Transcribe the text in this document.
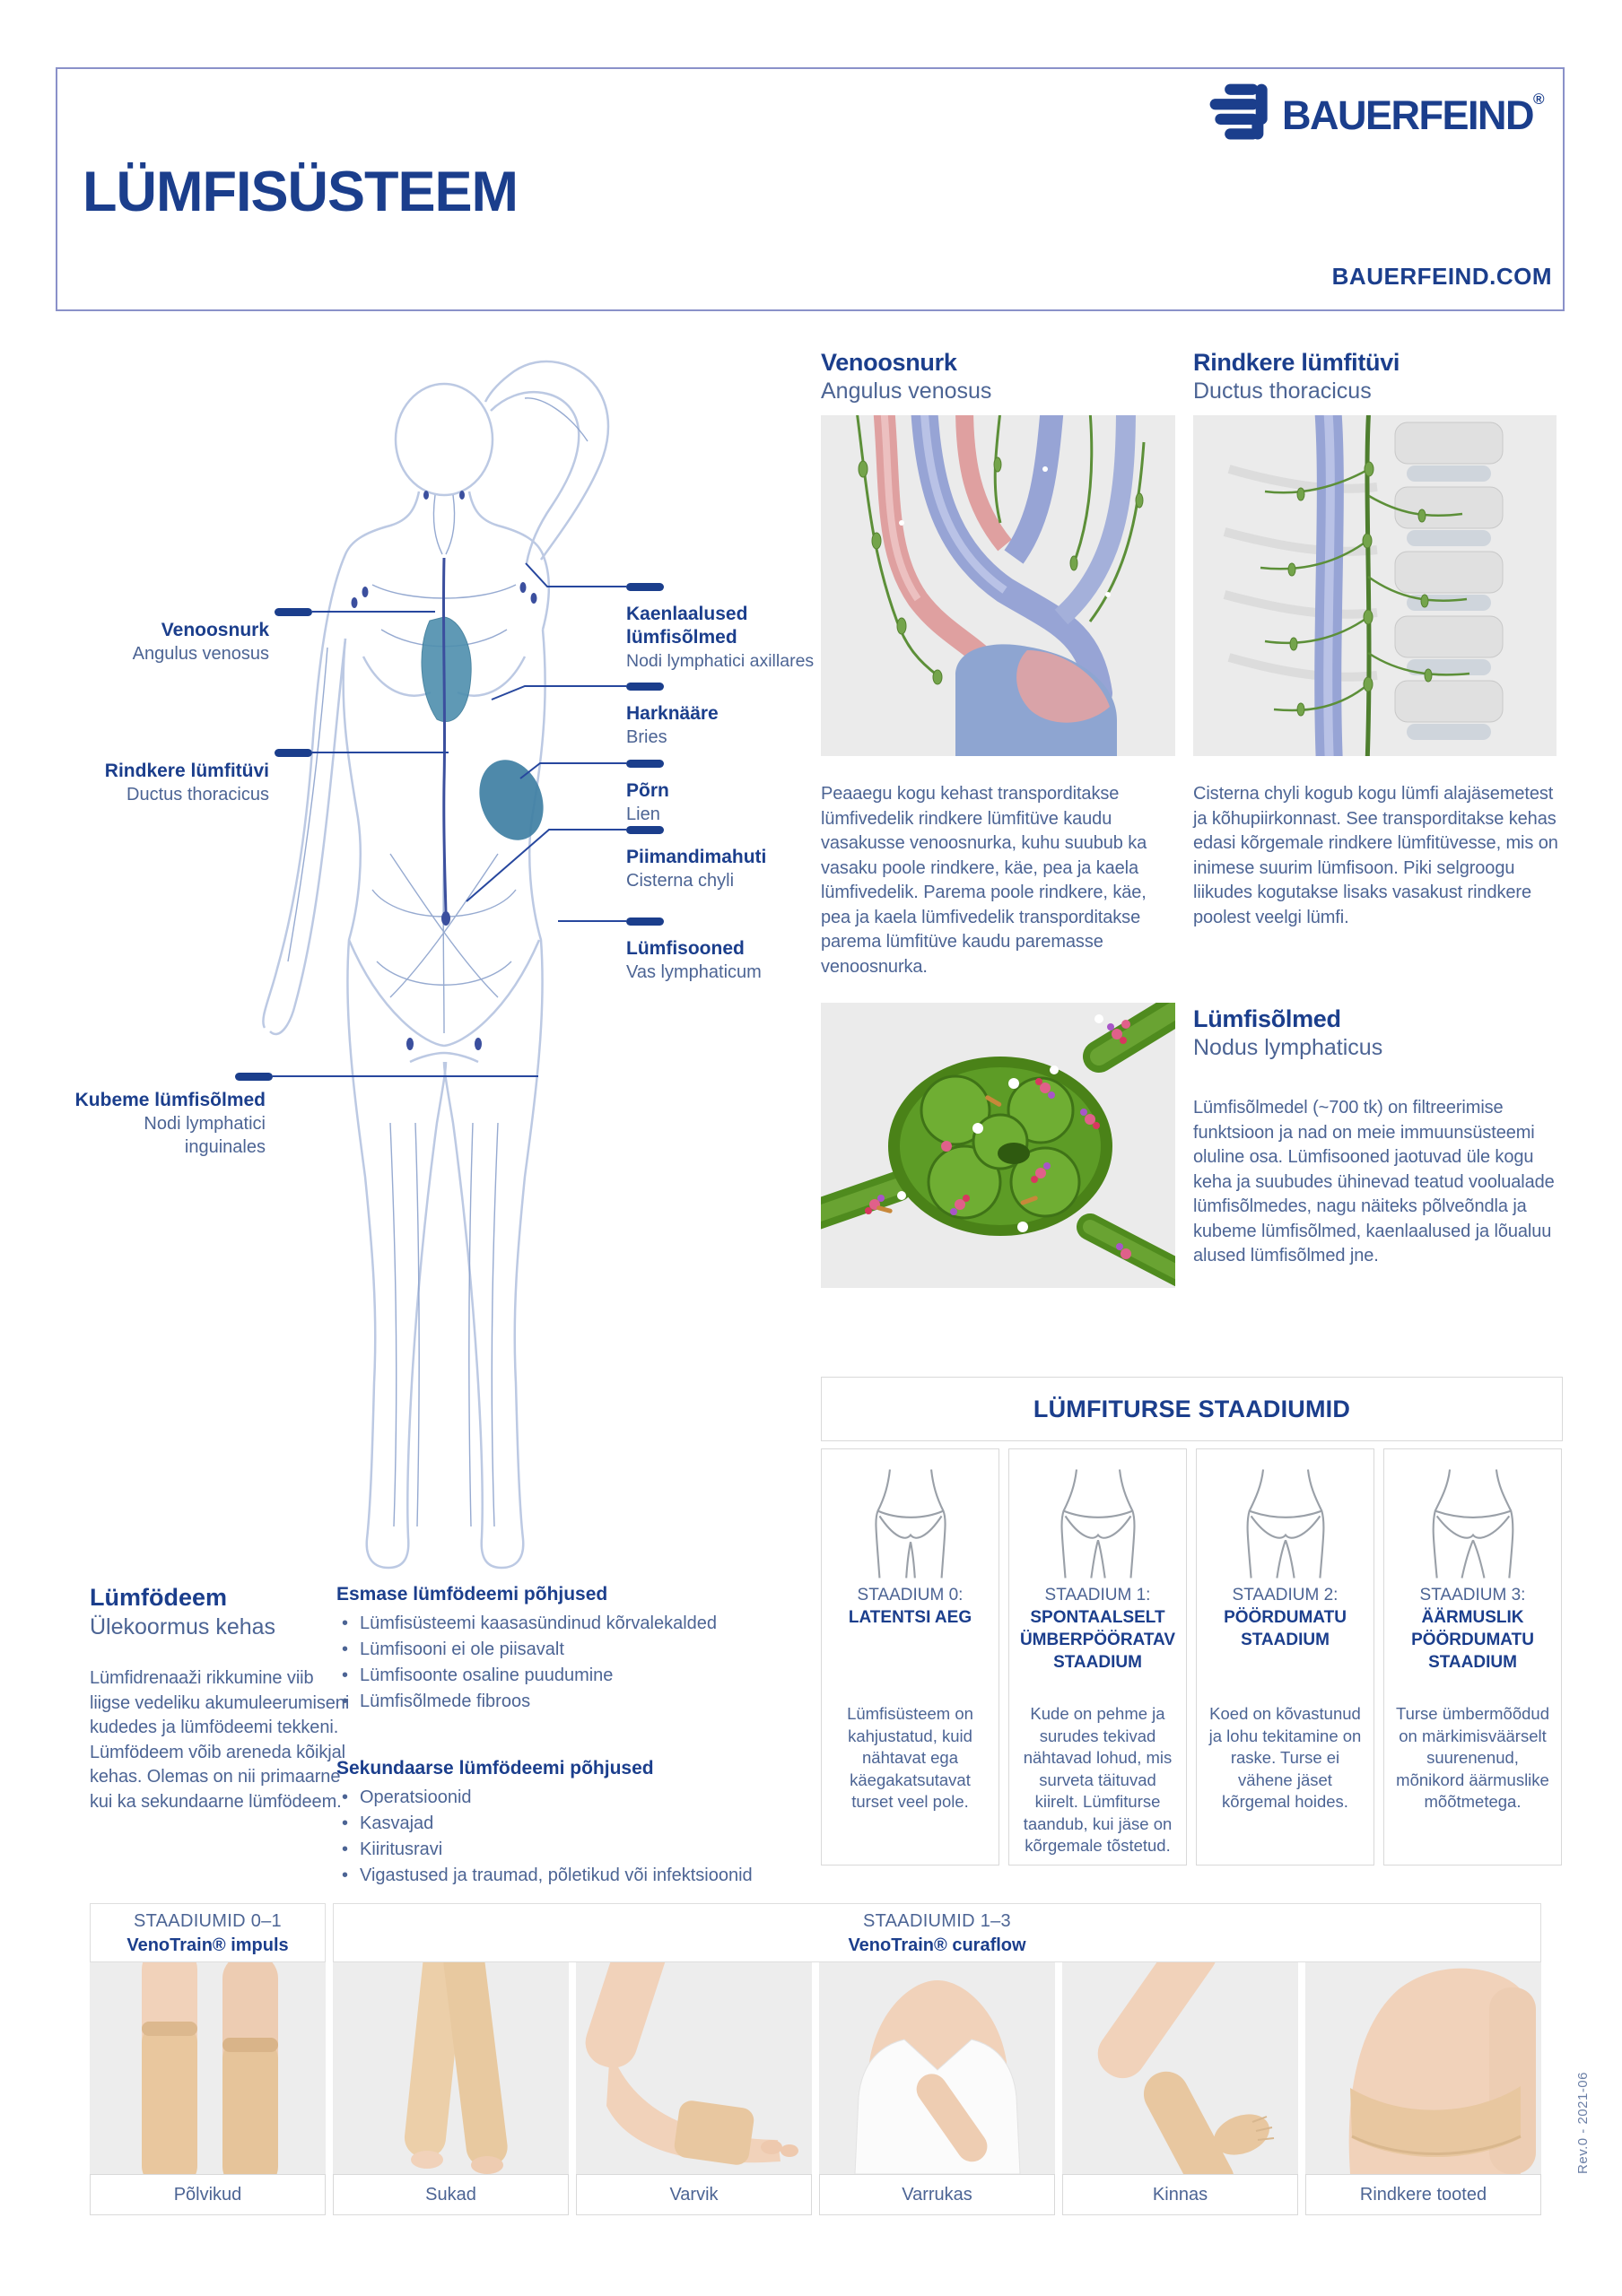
LÜMFISÜSTEEM
BAUERFEIND®
BAUERFEIND.COM
Venoosnurk
Angulus venosus
Rindkere lümfitüvi
Ductus thoracicus
Kubeme lümfisõlmed
Nodi lymphatici inguinales
Kaenlaalused lümfisõlmed
Nodi lymphatici axillares
Harknääre
Bries
Põrn
Lien
Piimandimahuti
Cisterna chyli
Lümfisooned
Vas lymphaticum
Venoosnurk
Angulus venosus
Peaaegu kogu kehast transporditakse lümfivedelik rindkere lümfitüve kaudu vasakusse venoosnurka, kuhu suubub ka vasaku poole rindkere, käe, pea ja kaela lümfivedelik. Parema poole rindkere, käe, pea ja kaela lümfivedelik transporditakse parema lümfitüve kaudu paremasse venoosnurka.
Rindkere lümfitüvi
Ductus thoracicus
Cisterna chyli kogub kogu lümfi alajäsemetest ja kõhupiirkonnast. See transporditakse kehas edasi kõrgemale rindkere lümfitüvesse, mis on inimese suurim lümfisoon. Piki selgroogu liikudes kogutakse lisaks vasakust rindkere poolest veelgi lümfi.
Lümfisõlmed
Nodus lymphaticus
Lümfisõlmedel (~700 tk) on filtreerimise funktsioon ja nad on meie immuunsüsteemi oluline osa. Lümfisooned jaotuvad üle kogu keha ja suubudes ühinevad teatud voolualade lümfisõlmedes, nagu näiteks põlveõndla ja kubeme lümfisõlmed, kaenlaalused ja lõualuu alused lümfisõlmed jne.
LÜMFITURSE STAADIUMID
STAADIUM 0:
LATENTSI AEG
Lümfisüsteem on kahjustatud, kuid nähtavat ega käegakatsutavat turset veel pole.
STAADIUM 1:
SPONTAALSELT ÜMBERPÖÖRATAV STAADIUM
Kude on pehme ja surudes tekivad nähtavad lohud, mis surveta täituvad kiirelt. Lümfiturse taandub, kui jäse on kõrgemale tõstetud.
STAADIUM 2:
PÖÖRDUMATU STAADIUM
Koed on kõvastunud ja lohu tekitamine on raske. Turse ei vähene jäset kõrgemal hoides.
STAADIUM 3:
ÄÄRMUSLIK PÖÖRDUMATU STAADIUM
Turse ümbermõõdud on märkimisväärselt suurenenud, mõnikord äärmuslike mõõtmetega.
Lümfödeem
Ülekoormus kehas
Lümfidrenaaži rikkumine viib liigse vedeliku akumuleerumiseni kudedes ja lümfödeemi tekkeni. Lümfödeem võib areneda kõikjal kehas. Olemas on nii primaarne kui ka sekundaarne lümfödeem.
Esmase lümfödeemi põhjused
• Lümfisüsteemi kaasasündinud kõrvalekalded
• Lümfisooni ei ole piisavalt
• Lümfisoonte osaline puudumine
• Lümfisõlmede fibroos
Sekundaarse lümfödeemi põhjused
• Operatsioonid
• Kasvajad
• Kiiritusravi
• Vigastused ja traumad, põletikud või infektsioonid
STAADIUMID 0–1
VenoTrain® impuls
STAADIUMID 1–3
VenoTrain® curaflow
Põlvikud	Sukad	Varvik	Varrukas	Kinnas	Rindkere tooted
Rev.0 - 2021-06
